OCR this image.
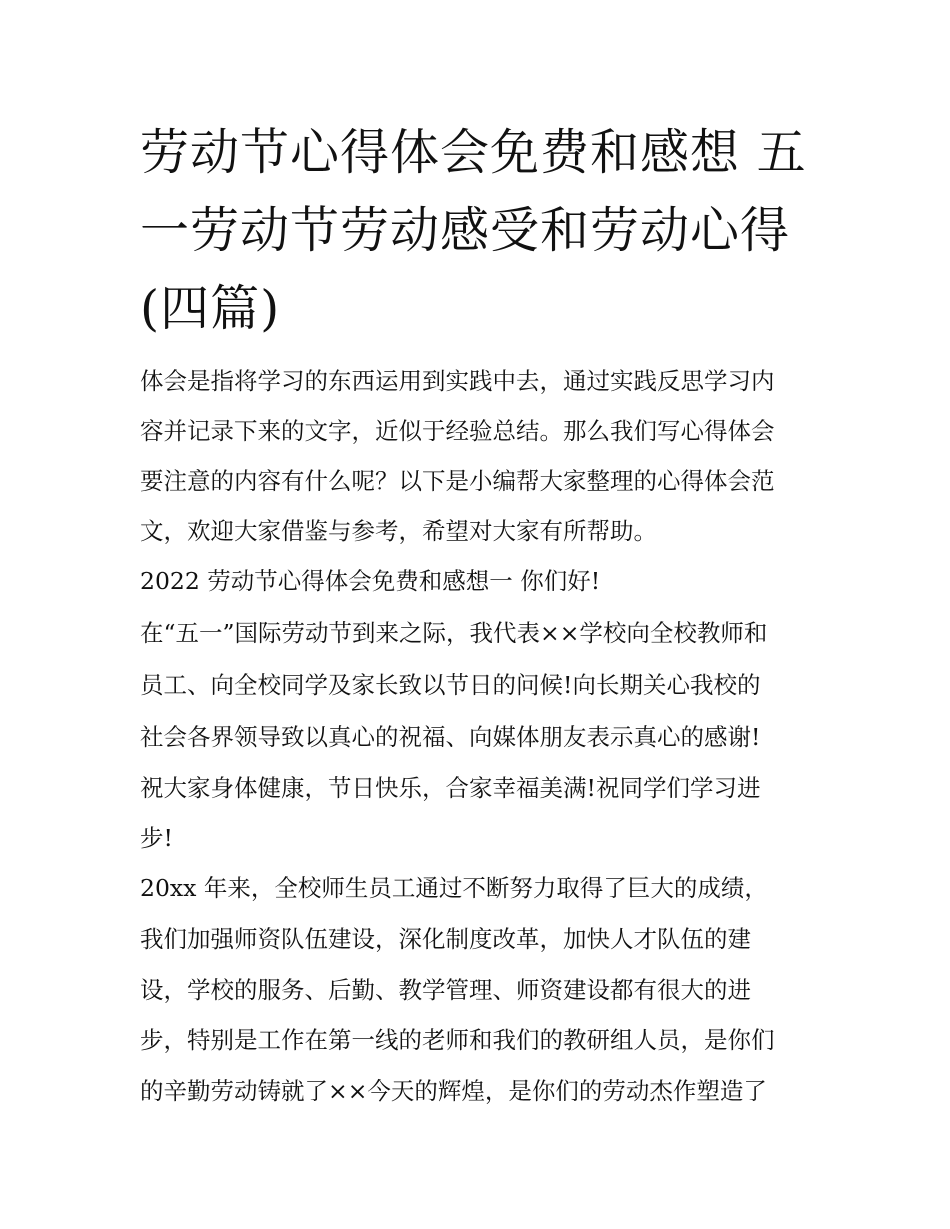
劳动节心得体会免费和感想 五一劳动节劳动感受和劳动心得(四篇)

体会是指将学习的东西运用到实践中去，通过实践反思学习内

容并记录下来的文字，近似于经验总结。那么我们写心得体会

要注意的内容有什么呢？以下是小编帮大家整理的心得体会范

文，欢迎大家借鉴与参考，希望对大家有所帮助。

2022 劳动节心得体会免费和感想一 你们好!

在“五一”国际劳动节到来之际，我代表××学校向全校教师和

员工、向全校同学及家长致以节日的问候!向长期关心我校的

社会各界领导致以真心的祝福、向媒体朋友表示真心的感谢!

祝大家身体健康，节日快乐，合家幸福美满!祝同学们学习进

步!

20xx 年来，全校师生员工通过不断努力取得了巨大的成绩，

我们加强师资队伍建设，深化制度改革，加快人才队伍的建

设，学校的服务、后勤、教学管理、师资建设都有很大的进

步，特别是工作在第一线的老师和我们的教研组人员，是你们

的辛勤劳动铸就了××今天的辉煌，是你们的劳动杰作塑造了
